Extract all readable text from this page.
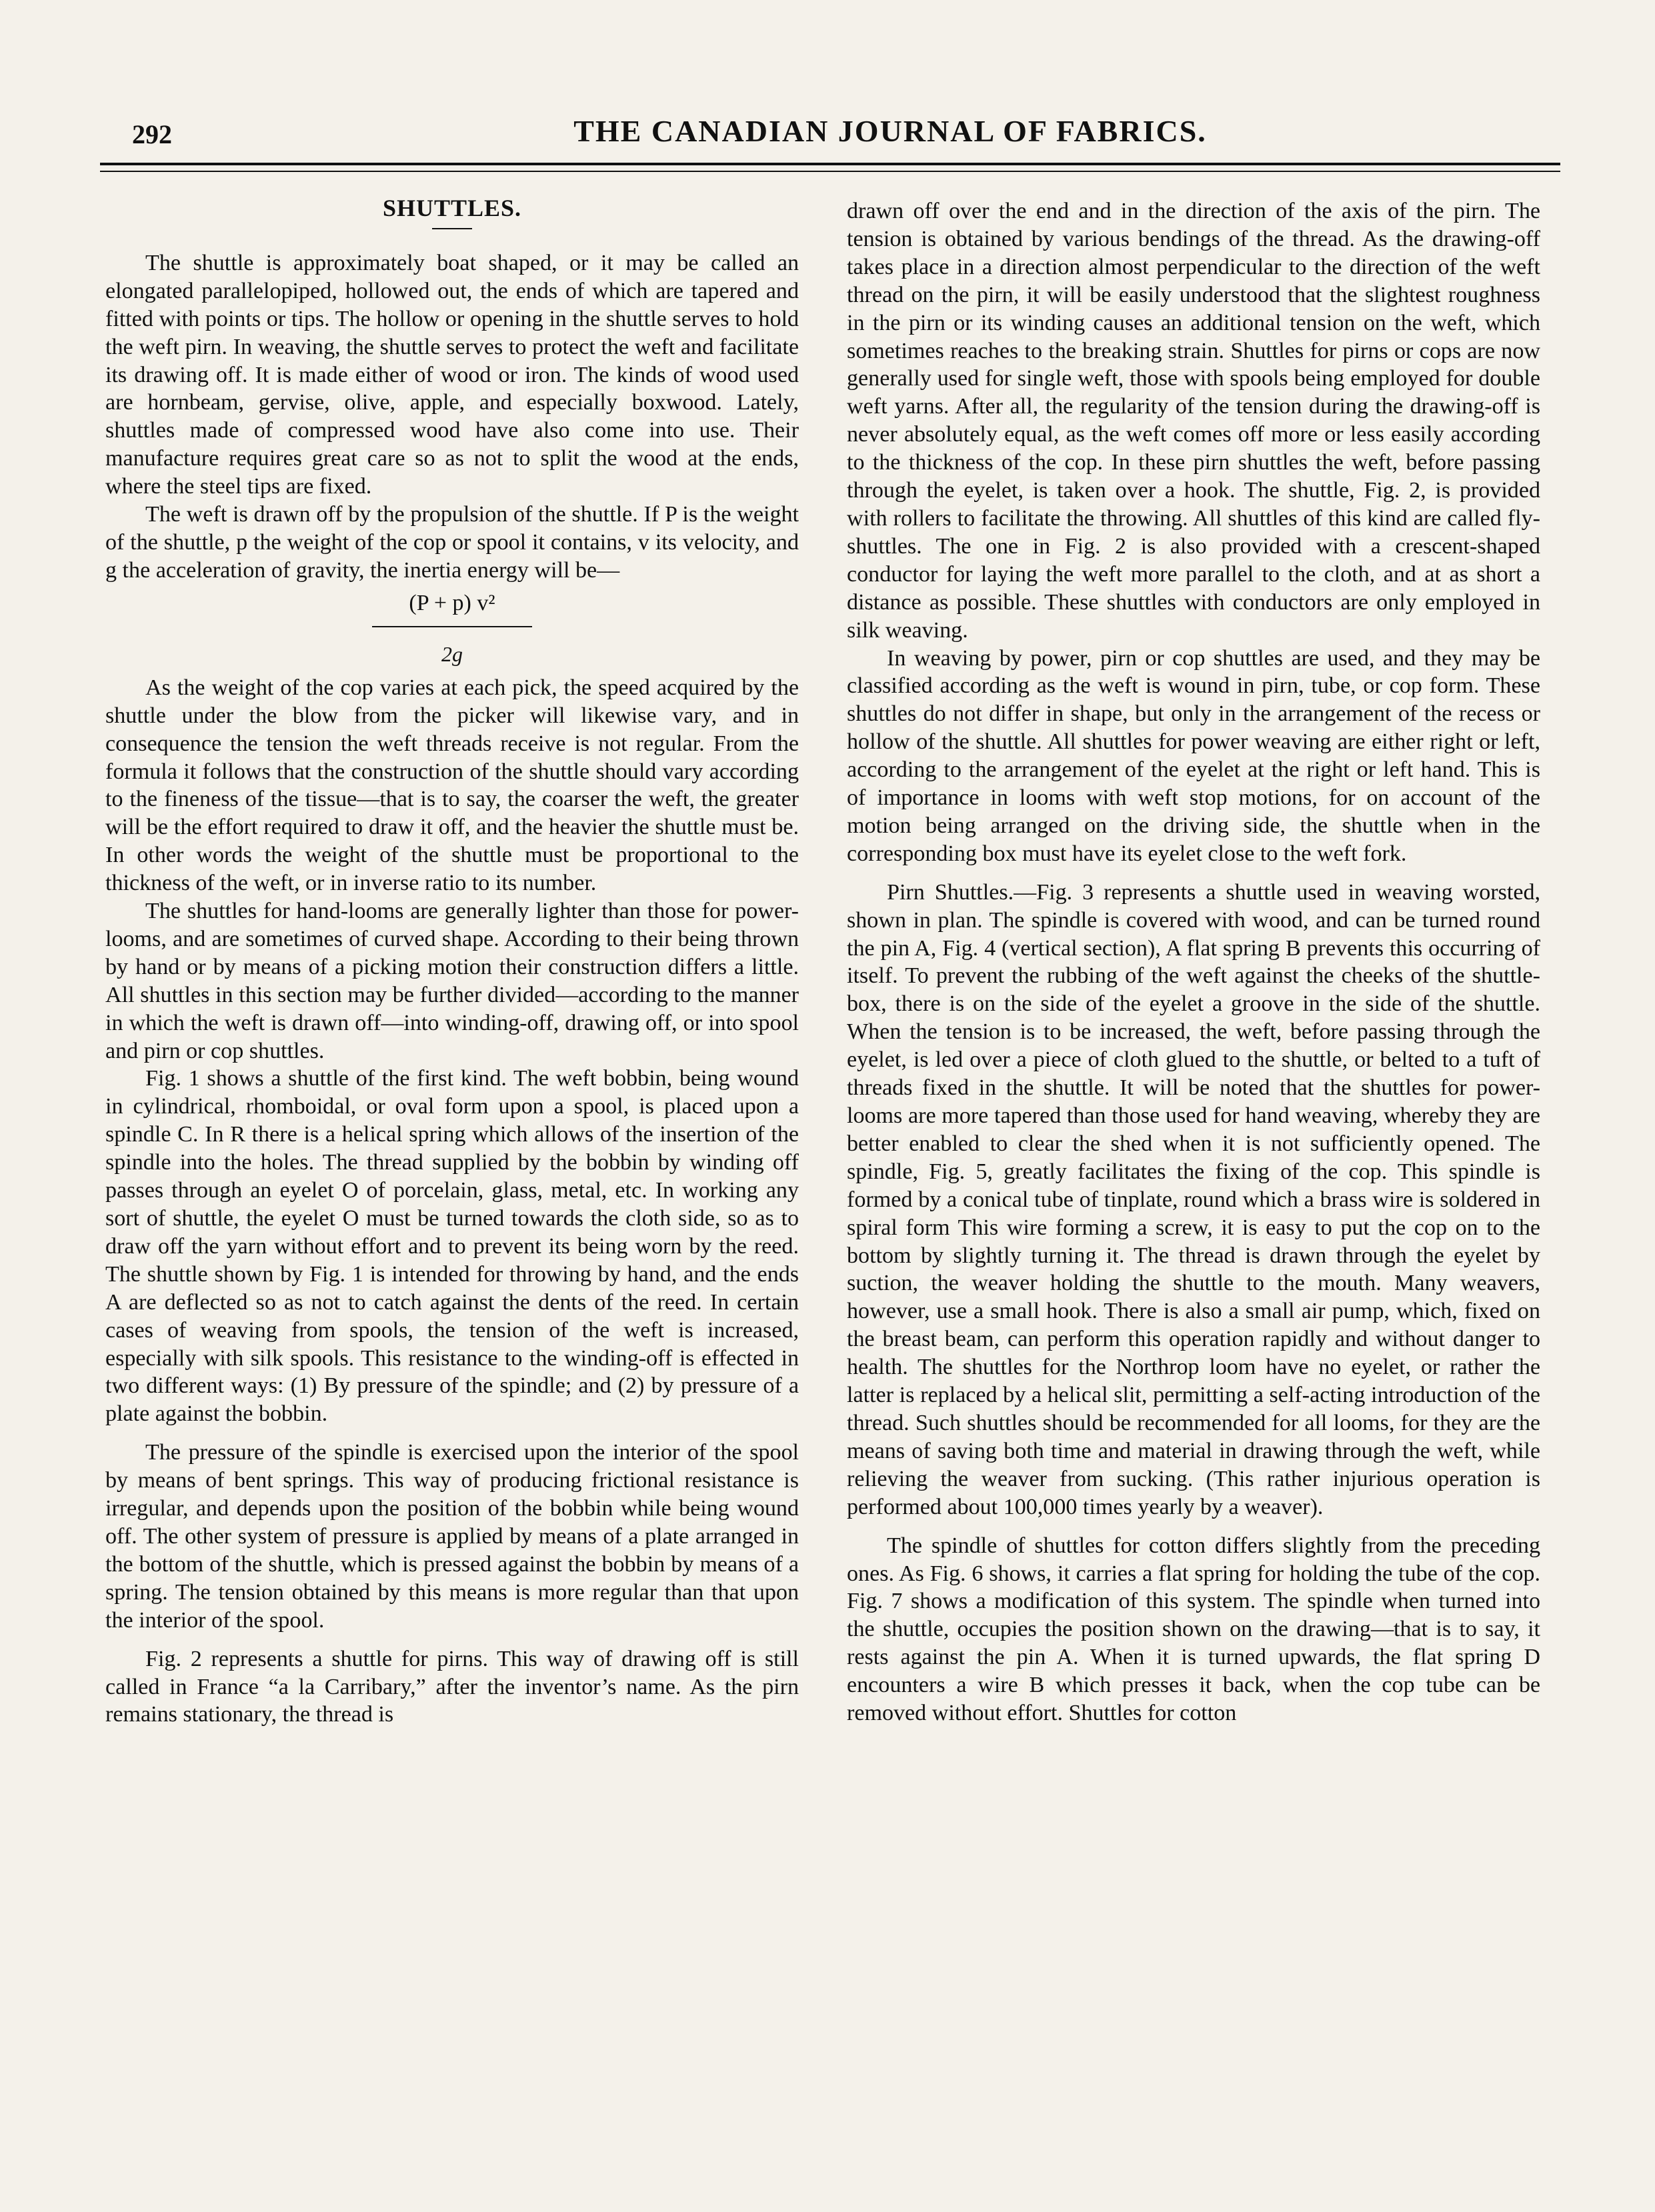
292	THE CANADIAN JOURNAL OF FABRICS.
SHUTTLES.

The shuttle is approximately boat shaped, or it may be called an elongated parallelopiped, hollowed out, the ends of which are tapered and fitted with points or tips. The hollow or opening in the shuttle serves to hold the weft pirn. In weaving, the shuttle serves to protect the weft and facilitate its drawing off. It is made either of wood or iron. The kinds of wood used are hornbeam, gervise, olive, apple, and especially boxwood. Lately, shuttles made of compressed wood have also come into use. Their manufacture requires great care so as not to split the wood at the ends, where the steel tips are fixed.

The weft is drawn off by the propulsion of the shuttle. If P is the weight of the shuttle, p the weight of the cop or spool it contains, v its velocity, and g the acceleration of gravity, the inertia energy will be—

(P + p) v²
2g

As the weight of the cop varies at each pick, the speed acquired by the shuttle under the blow from the picker will likewise vary, and in consequence the tension the weft threads receive is not regular. From the formula it follows that the construction of the shuttle should vary according to the fineness of the tissue—that is to say, the coarser the weft, the greater will be the effort required to draw it off, and the heavier the shuttle must be. In other words the weight of the shuttle must be proportional to the thickness of the weft, or in inverse ratio to its number.

The shuttles for hand-looms are generally lighter than those for power-looms, and are sometimes of curved shape. According to their being thrown by hand or by means of a picking motion their construction differs a little. All shuttles in this section may be further divided—according to the manner in which the weft is drawn off—into winding-off, drawing off, or into spool and pirn or cop shuttles.

Fig. 1 shows a shuttle of the first kind. The weft bobbin, being wound in cylindrical, rhomboidal, or oval form upon a spool, is placed upon a spindle C. In R there is a helical spring which allows of the insertion of the spindle into the holes. The thread supplied by the bobbin by winding off passes through an eyelet O of porcelain, glass, metal, etc. In working any sort of shuttle, the eyelet O must be turned towards the cloth side, so as to draw off the yarn without effort and to prevent its being worn by the reed. The shuttle shown by Fig. 1 is intended for throwing by hand, and the ends A are deflected so as not to catch against the dents of the reed. In certain cases of weaving from spools, the tension of the weft is increased, especially with silk spools. This resistance to the winding-off is effected in two different ways: (1) By pressure of the spindle; and (2) by pressure of a plate against the bobbin.

The pressure of the spindle is exercised upon the interior of the spool by means of bent springs. This way of producing frictional resistance is irregular, and depends upon the position of the bobbin while being wound off. The other system of pressure is applied by means of a plate arranged in the bottom of the shuttle, which is pressed against the bobbin by means of a spring. The tension obtained by this means is more regular than that upon the interior of the spool.

Fig. 2 represents a shuttle for pirns. This way of drawing off is still called in France “a la Carribary,” after the inventor’s name. As the pirn remains stationary, the thread is

drawn off over the end and in the direction of the axis of the pirn. The tension is obtained by various bendings of the thread. As the drawing-off takes place in a direction almost perpendicular to the direction of the weft thread on the pirn, it will be easily understood that the slightest roughness in the pirn or its winding causes an additional tension on the weft, which sometimes reaches to the breaking strain. Shuttles for pirns or cops are now generally used for single weft, those with spools being employed for double weft yarns. After all, the regularity of the tension during the drawing-off is never absolutely equal, as the weft comes off more or less easily according to the thickness of the cop. In these pirn shuttles the weft, before passing through the eyelet, is taken over a hook. The shuttle, Fig. 2, is provided with rollers to facilitate the throwing. All shuttles of this kind are called fly-shuttles. The one in Fig. 2 is also provided with a crescent-shaped conductor for laying the weft more parallel to the cloth, and at as short a distance as possible. These shuttles with conductors are only employed in silk weaving.

In weaving by power, pirn or cop shuttles are used, and they may be classified according as the weft is wound in pirn, tube, or cop form. These shuttles do not differ in shape, but only in the arrangement of the recess or hollow of the shuttle. All shuttles for power weaving are either right or left, according to the arrangement of the eyelet at the right or left hand. This is of importance in looms with weft stop motions, for on account of the motion being arranged on the driving side, the shuttle when in the corresponding box must have its eyelet close to the weft fork.

Pirn Shuttles.—Fig. 3 represents a shuttle used in weaving worsted, shown in plan. The spindle is covered with wood, and can be turned round the pin A, Fig. 4 (vertical section), A flat spring B prevents this occurring of itself. To prevent the rubbing of the weft against the cheeks of the shuttle-box, there is on the side of the eyelet a groove in the side of the shuttle. When the tension is to be increased, the weft, before passing through the eyelet, is led over a piece of cloth glued to the shuttle, or belted to a tuft of threads fixed in the shuttle. It will be noted that the shuttles for power-looms are more tapered than those used for hand weaving, whereby they are better enabled to clear the shed when it is not sufficiently opened. The spindle, Fig. 5, greatly facilitates the fixing of the cop. This spindle is formed by a conical tube of tinplate, round which a brass wire is soldered in spiral form This wire forming a screw, it is easy to put the cop on to the bottom by slightly turning it. The thread is drawn through the eyelet by suction, the weaver holding the shuttle to the mouth. Many weavers, however, use a small hook. There is also a small air pump, which, fixed on the breast beam, can perform this operation rapidly and without danger to health. The shuttles for the Northrop loom have no eyelet, or rather the latter is replaced by a helical slit, permitting a self-acting introduction of the thread. Such shuttles should be recommended for all looms, for they are the means of saving both time and material in drawing through the weft, while relieving the weaver from sucking. (This rather injurious operation is performed about 100,000 times yearly by a weaver).

The spindle of shuttles for cotton differs slightly from the preceding ones. As Fig. 6 shows, it carries a flat spring for holding the tube of the cop. Fig. 7 shows a modification of this system. The spindle when turned into the shuttle, occupies the position shown on the drawing—that is to say, it rests against the pin A. When it is turned upwards, the flat spring D encounters a wire B which presses it back, when the cop tube can be removed without effort. Shuttles for cotton
